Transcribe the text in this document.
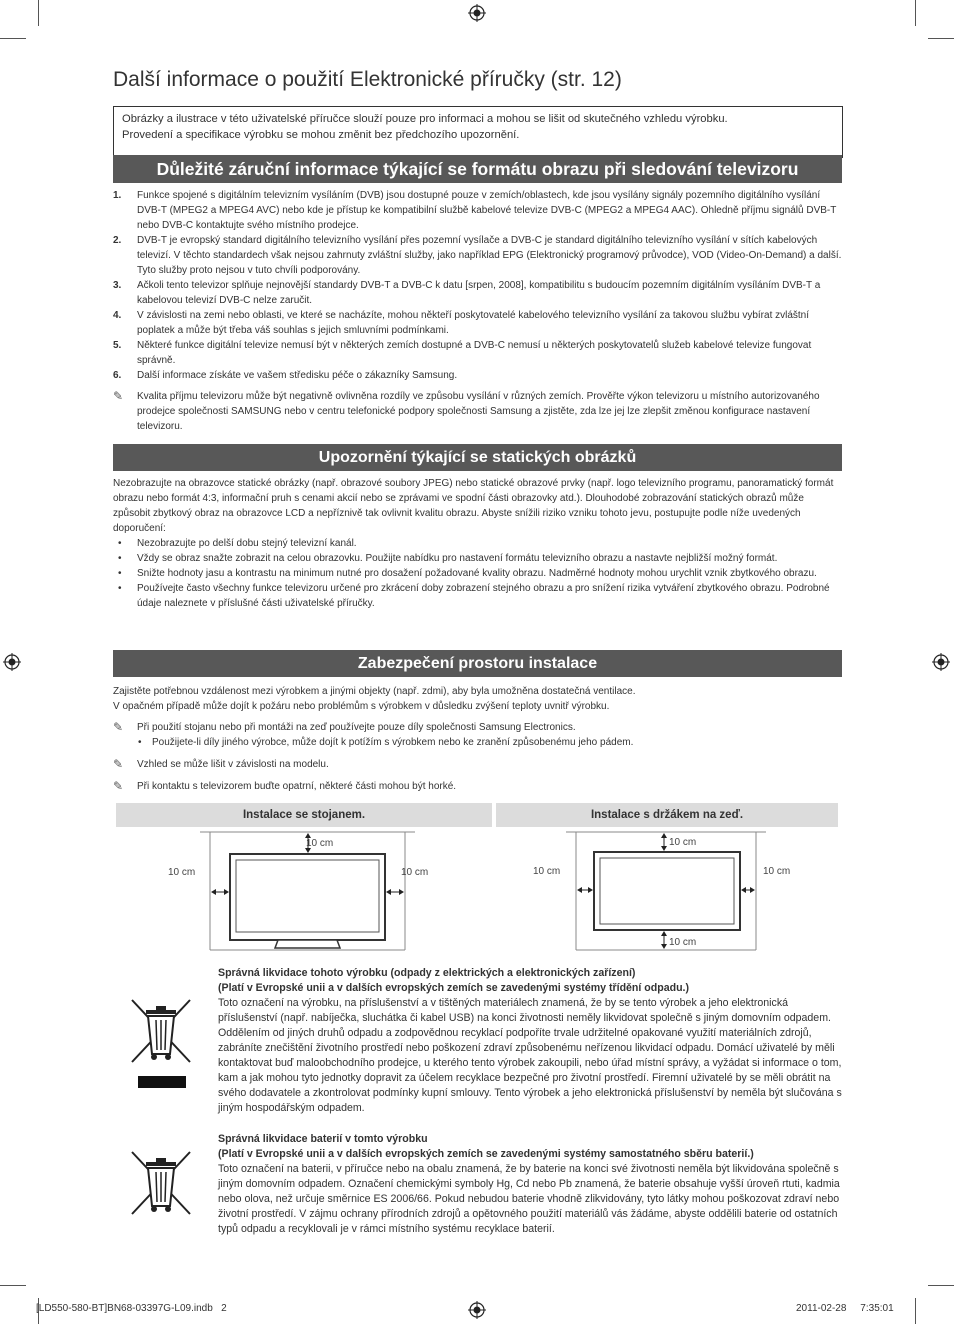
Další informace o použití Elektronické příručky (str. 12)
Obrázky a ilustrace v této uživatelské příručce slouží pouze pro informaci a mohou se lišit od skutečného vzhledu výrobku.
Provedení a specifikace výrobku se mohou změnit bez předchozího upozornění.
Důležité záruční informace týkající se formátu obrazu při sledování televizoru
1. Funkce spojené s digitálním televizním vysíláním (DVB) jsou dostupné pouze v zemích/oblastech, kde jsou vysílány signály pozemního digitálního vysílání DVB-T (MPEG2 a MPEG4 AVC) nebo kde je přístup ke kompatibilní službě kabelové televize DVB-C (MPEG2 a MPEG4 AAC). Ohledně příjmu signálů DVB-T nebo DVB-C kontaktujte svého místního prodejce.
2. DVB-T je evropský standard digitálního televizního vysílání přes pozemní vysílače a DVB-C je standard digitálního televizního vysílání v sítích kabelových televizí. V těchto standardech však nejsou zahrnuty zvláštní služby, jako například EPG (Elektronický programový průvodce), VOD (Video-On-Demand) a další. Tyto služby proto nejsou v tuto chvíli podporovány.
3. Ačkoli tento televizor splňuje nejnovější standardy DVB-T a DVB-C k datu [srpen, 2008], kompatibilitu s budoucím pozemním digitálním vysíláním DVB-T a kabelovou televizí DVB-C nelze zaručit.
4. V závislosti na zemi nebo oblasti, ve které se nacházíte, mohou někteří poskytovatelé kabelového televizního vysílání za takovou službu vybírat zvláštní poplatek a může být třeba váš souhlas s jejich smluvními podmínkami.
5. Některé funkce digitální televize nemusí být v některých zemích dostupné a DVB-C nemusí u některých poskytovatelů služeb kabelové televize fungovat správně.
6. Další informace získáte ve vašem středisku péče o zákazníky Samsung.
✎	Kvalita příjmu televizoru může být negativně ovlivněna rozdíly ve způsobu vysílání v různých zemích. Prověřte výkon televizoru u místního autorizovaného prodejce společnosti SAMSUNG nebo v centru telefonické podpory společnosti Samsung a zjistěte, zda lze jej lze zlepšit změnou konfigurace nastavení televizoru.
Upozornění týkající se statických obrázků
Nezobrazujte na obrazovce statické obrázky (např. obrazové soubory JPEG) nebo statické obrazové prvky (např. logo televizního programu, panoramatický formát obrazu nebo formát 4:3, informační pruh s cenami akcií nebo se zprávami ve spodní části obrazovky atd.). Dlouhodobé zobrazování statických obrazů může způsobit zbytkový obraz na obrazovce LCD a nepříznivě tak ovlivnit kvalitu obrazu. Abyste snížili riziko vzniku tohoto jevu, postupujte podle níže uvedených doporučení:
• Nezobrazujte po delší dobu stejný televizní kanál.
• Vždy se obraz snažte zobrazit na celou obrazovku. Použijte nabídku pro nastavení formátu televizního obrazu a nastavte nejbližší možný formát.
• Snižte hodnoty jasu a kontrastu na minimum nutné pro dosažení požadované kvality obrazu. Nadměrné hodnoty mohou urychlit vznik zbytkového obrazu.
• Používejte často všechny funkce televizoru určené pro zkrácení doby zobrazení stejného obrazu a pro snížení rizika vytváření zbytkového obrazu. Podrobné údaje naleznete v příslušné části uživatelské příručky.
Zabezpečení prostoru instalace
Zajistěte potřebnou vzdálenost mezi výrobkem a jinými objekty (např. zdmi), aby byla umožněna dostatečná ventilace.
V opačném případě může dojít k požáru nebo problémům s výrobkem v důsledku zvýšení teploty uvnitř výrobku.
✎	Při použití stojanu nebo při montáži na zeď používejte pouze díly společnosti Samsung Electronics.
• Použijete-li díly jiného výrobce, může dojít k potížím s výrobkem nebo ke zranění způsobenému jeho pádem.
✎	Vzhled se může lišit v závislosti na modelu.
✎	Při kontaktu s televizorem buďte opatrní, některé části mohou být horké.
Instalace se stojanem.	Instalace s držákem na zeď.
10 cm
10 cm	10 cm
10 cm
10 cm	10 cm
10 cm
Správná likvidace tohoto výrobku (odpady z elektrických a elektronických zařízení)
(Platí v Evropské unii a v dalších evropských zemích se zavedenými systémy třídění odpadu.)
Toto označení na výrobku, na příslušenství a v tištěných materiálech znamená, že by se tento výrobek a jeho elektronická příslušenství (např. nabíječka, sluchátka či kabel USB) na konci životnosti neměly likvidovat společně s jiným domovním odpadem. Oddělením od jiných druhů odpadu a zodpovědnou recyklací podpoříte trvale udržitelné opakované využití materiálních zdrojů, zabráníte znečištění životního prostředí nebo poškození zdraví způsobenému neřízenou likvidací odpadu. Domácí uživatelé by měli kontaktovat buď maloobchodního prodejce, u kterého tento výrobek zakoupili, nebo úřad místní správy, a vyžádat si informace o tom, kam a jak mohou tyto jednotky dopravit za účelem recyklace bezpečné pro životní prostředí. Firemní uživatelé by se měli obrátit na svého dodavatele a zkontrolovat podmínky kupní smlouvy. Tento výrobek a jeho elektronická příslušenství by neměla být slučována s jiným hospodářským odpadem.
Správná likvidace baterií v tomto výrobku
(Platí v Evropské unii a v dalších evropských zemích se zavedenými systémy samostatného sběru baterií.)
Toto označení na baterii, v příručce nebo na obalu znamená, že by baterie na konci své životnosti neměla být likvidována společně s jiným domovním odpadem. Označení chemickými symboly Hg, Cd nebo Pb znamená, že baterie obsahuje vyšší úroveň rtuti, kadmia nebo olova, než určuje směrnice ES 2006/66. Pokud nebudou baterie vhodně zlikvidovány, tyto látky mohou poškozovat zdraví nebo životní prostředí. V zájmu ochrany přírodních zdrojů a opětovného použití materiálů vás žádáme, abyste oddělili baterie od ostatních typů odpadu a recyklovali je v rámci místního systému recyklace baterií.
[LD550-580-BT]BN68-03397G-L09.indb   2	2011-02-28     7:35:01
